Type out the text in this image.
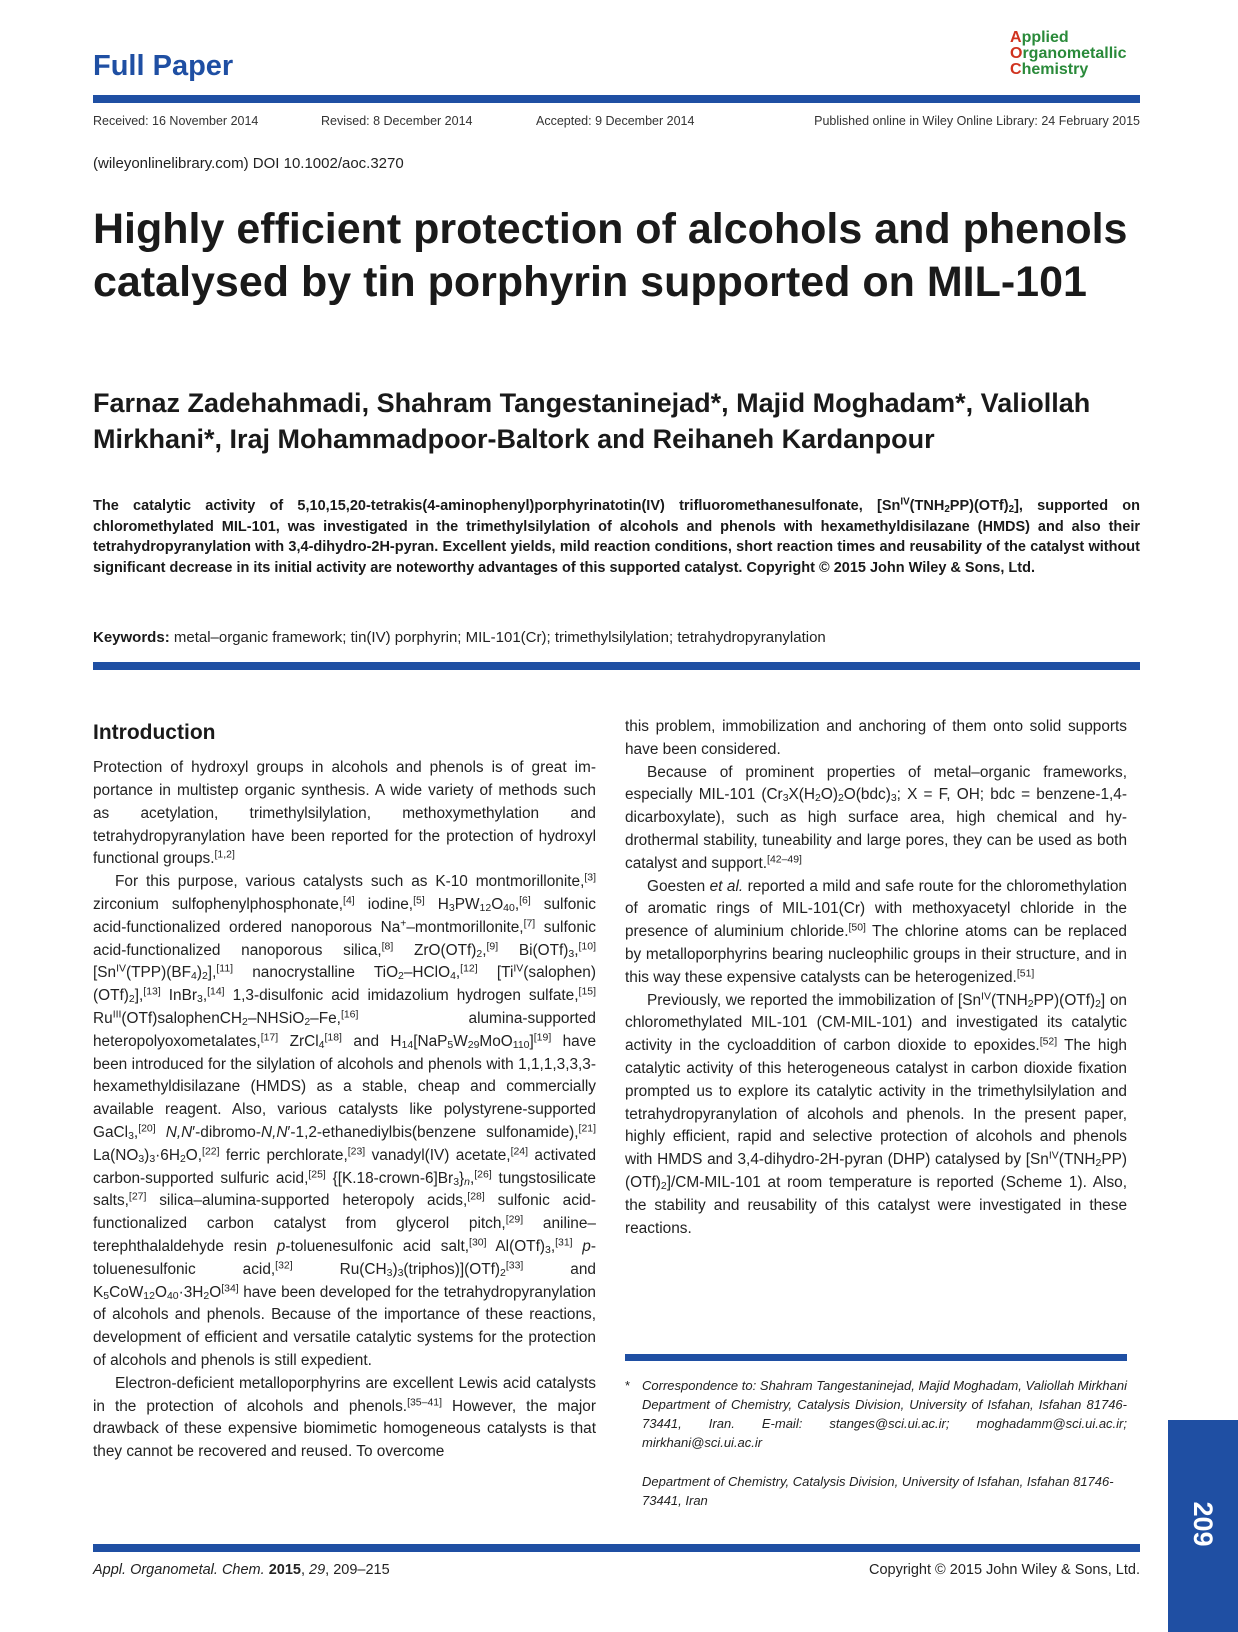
Full Paper
Applied
Organometallic
Chemistry
Received: 16 November 2014	Revised: 8 December 2014	Accepted: 9 December 2014	Published online in Wiley Online Library: 24 February 2015
(wileyonlinelibrary.com) DOI 10.1002/aoc.3270
Highly efficient protection of alcohols and phenols catalysed by tin porphyrin supported on MIL-101
Farnaz Zadehahmadi, Shahram Tangestaninejad*, Majid Moghadam*, Valiollah Mirkhani*, Iraj Mohammadpoor-Baltork and Reihaneh Kardanpour
The catalytic activity of 5,10,15,20-tetrakis(4-aminophenyl)porphyrinatotin(IV) trifluoromethanesulfonate, $[Sn^{IV}(TNH_2PP)(OTf)_2]$, supported on chloromethylated MIL-101, was investigated in the trimethylsilylation of alcohols and phenols with hexamethyldisilazane (HMDS) and also their tetrahydropyranylation with 3,4-dihydro-2H-pyran. Excellent yields, mild reaction conditions, short reaction times and reusability of the catalyst without significant decrease in its initial activity are noteworthy advantages of this supported catalyst. Copyright © 2015 John Wiley & Sons, Ltd.
Keywords: metal–organic framework; tin(IV) porphyrin; MIL-101(Cr); trimethylsilylation; tetrahydropyranylation
Introduction

Protection of hydroxyl groups in alcohols and phenols is of great importance in multistep organic synthesis. A wide variety of methods such as acetylation, trimethylsilylation, methoxymethylation and tetrahydropyranylation have been reported for the protection of hydroxyl functional groups.[1,2]

For this purpose, various catalysts such as K-10 montmorillonite,[3] zirconium sulfophenylphosphonate,[4] iodine,[5] $H_3PW_{12}O_{40},[6]$ sulfonic acid-functionalized ordered nanoporous Na+–montmorillonite,[7] sulfonic acid-functionalized nanoporous silica,[8] $ZrO(OTf)_2,[9]$ $Bi(OTf)_3,[10]$ $[Sn^{IV}(TPP)(BF_4)_2],[11]$ nanocrystalline TiO$_2$–HClO$_4$,[12] $[Ti^{IV}(salophen)(OTf)_2],[13]$ InBr$_3$,[14] 1,3-disulfonic acid imidazolium hydrogen sulfate,[15] $Ru^{III}(OTf)salophenCH_2-NHSiO_2-Fe,[16]$ alumina-supported heteropolyoxometalates,[17] ZrCl$_4$[18] and $H_{14}[NaP_5W_{29}MoO_{110}][19]$ have been introduced for the silylation of alcohols and phenols with 1,1,1,3,3,3-hexamethyldisilazane (HMDS) as a stable, cheap and commercially available reagent. Also, various catalysts like polystyrene-supported GaCl$_3$,[20] N,N′-dibromo-N,N′-1,2-ethanediylbis(benzene sulfonamide),[21] $La(NO_3)_3\cdot 6H_2O,[22]$ ferric perchlorate,[23] vanadyl(IV) acetate,[24] activated carbon-supported sulfuric acid,[25] $\{[K.18-crown-6]Br_3\}_n,[26]$ tungstosilicate salts,[27] silica–alumina-supported heteropoly acids,[28] sulfonic acid-functionalized carbon catalyst from glycerol pitch,[29] aniline–terephthalaldehyde resin p-toluenesulfonic acid salt,[30] $Al(OTf)_3,[31]$ p-toluenesulfonic acid,[32] $Ru(CH_3)_3(triphos)](OTf)_2[33]$ and $K_5CoW_{12}O_{40}\cdot 3H_2O[34]$ have been developed for the tetrahydropyranylation of alcohols and phenols. Because of the importance of these reactions, development of efficient and versatile catalytic systems for the protection of alcohols and phenols is still expedient.

Electron-deficient metalloporphyrins are excellent Lewis acid catalysts in the protection of alcohols and phenols.[35–41] However, the major drawback of these expensive biomimetic homogeneous catalysts is that they cannot be recovered and reused. To overcome

this problem, immobilization and anchoring of them onto solid supports have been considered.

Because of prominent properties of metal–organic frameworks, especially MIL-101 ($Cr_3X(H_2O)_2O(bdc)_3$; X = F, OH; bdc = benzene-1,4-dicarboxylate), such as high surface area, high chemical and hydrothermal stability, tuneability and large pores, they can be used as both catalyst and support.[42–49]

Goesten et al. reported a mild and safe route for the chloromethylation of aromatic rings of MIL-101(Cr) with methoxyacetyl chloride in the presence of aluminium chloride.[50] The chlorine atoms can be replaced by metalloporphyrins bearing nucleophilic groups in their structure, and in this way these expensive catalysts can be heterogenized.[51]

Previously, we reported the immobilization of $[Sn^{IV}(TNH_2PP)(OTf)_2]$ on chloromethylated MIL-101 (CM-MIL-101) and investigated its catalytic activity in the cycloaddition of carbon dioxide to epoxides.[52] The high catalytic activity of this heterogeneous catalyst in carbon dioxide fixation prompted us to explore its catalytic activity in the trimethylsilylation and tetrahydropyranylation of alcohols and phenols. In the present paper, highly efficient, rapid and selective protection of alcohols and phenols with HMDS and 3,4-dihydro-2H-pyran (DHP) catalysed by $[Sn^{IV}(TNH_2PP)(OTf)_2]/CM-MIL-101$ at room temperature is reported (Scheme 1). Also, the stability and reusability of this catalyst were investigated in these reactions.

* Correspondence to: Shahram Tangestaninejad, Majid Moghadam, Valiollah Mirkhani Department of Chemistry, Catalysis Division, University of Isfahan, Isfahan 81746-73441, Iran. E-mail: stanges@sci.ui.ac.ir; moghadamm@sci.ui.ac.ir; mirkhani@sci.ui.ac.ir
Department of Chemistry, Catalysis Division, University of Isfahan, Isfahan 81746-73441, Iran
209
Appl. Organometal. Chem. 2015, 29, 209–215	Copyright © 2015 John Wiley & Sons, Ltd.
